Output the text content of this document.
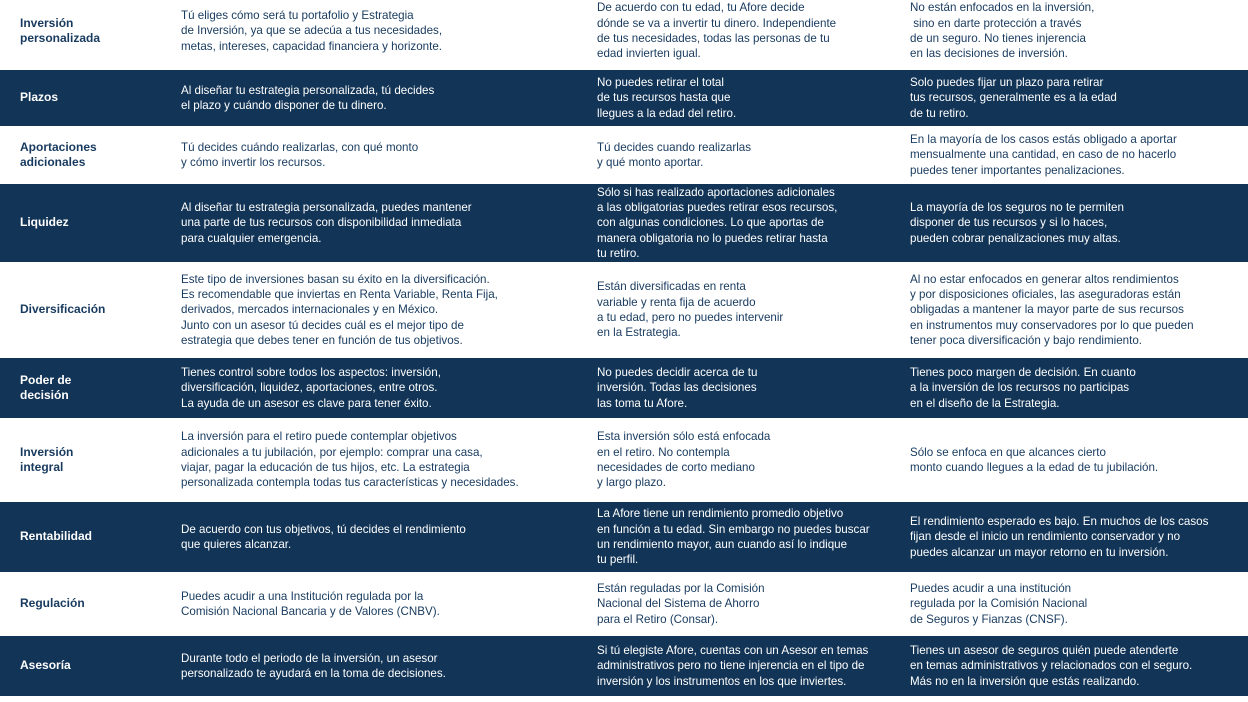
Inversión
personalizada
Tú eliges cómo será tu portafolio y Estrategia
de Inversión, ya que se adecúa a tus necesidades,
metas, intereses, capacidad financiera y horizonte.
De acuerdo con tu edad, tu Afore decide
dónde se va a invertir tu dinero. Independiente
de tus necesidades, todas las personas de tu
edad invierten igual.
No están enfocados en la inversión,
sino en darte protección a través
de un seguro. No tienes injerencia
en las decisiones de inversión.
Plazos
Al diseñar tu estrategia personalizada, tú decides
el plazo y cuándo disponer de tu dinero.
No puedes retirar el total
de tus recursos hasta que
llegues a la edad del retiro.
Solo puedes fijar un plazo para retirar
tus recursos, generalmente es a la edad
de tu retiro.
Aportaciones
adicionales
Tú decides cuándo realizarlas, con qué monto
y cómo invertir los recursos.
Tú decides cuando realizarlas
y qué monto aportar.
En la mayoría de los casos estás obligado a aportar
mensualmente una cantidad, en caso de no hacerlo
puedes tener importantes penalizaciones.
Liquidez
Al diseñar tu estrategia personalizada, puedes mantener
una parte de tus recursos con disponibilidad inmediata
para cualquier emergencia.
Sólo si has realizado aportaciones adicionales
a las obligatorias puedes retirar esos recursos,
con algunas condiciones. Lo que aportas de
manera obligatoria no lo puedes retirar hasta
tu retiro.
La mayoría de los seguros no te permiten
disponer de tus recursos y si lo haces,
pueden cobrar penalizaciones muy altas.
Diversificación
Este tipo de inversiones basan su éxito en la diversificación.
Es recomendable que inviertas en Renta Variable, Renta Fija,
derivados, mercados internacionales y en México.
Junto con un asesor tú decides cuál es el mejor tipo de
estrategia que debes tener en función de tus objetivos.
Están diversificadas en renta
variable y renta fija de acuerdo
a tu edad, pero no puedes intervenir
en la Estrategia.
Al no estar enfocados en generar altos rendimientos
y por disposiciones oficiales, las aseguradoras están
obligadas a mantener la mayor parte de sus recursos
en instrumentos muy conservadores por lo que pueden
tener poca diversificación y bajo rendimiento.
Poder de
decisión
Tienes control sobre todos los aspectos: inversión,
diversificación, liquidez, aportaciones, entre otros.
La ayuda de un asesor es clave para tener éxito.
No puedes decidir acerca de tu
inversión. Todas las decisiones
las toma tu Afore.
Tienes poco margen de decisión. En cuanto
a la inversión de los recursos no participas
en el diseño de la Estrategia.
Inversión
integral
La inversión para el retiro puede contemplar objetivos
adicionales a tu jubilación, por ejemplo: comprar una casa,
viajar, pagar la educación de tus hijos, etc. La estrategia
personalizada contempla todas tus características y necesidades.
Esta inversión sólo está enfocada
en el retiro. No contempla
necesidades de corto mediano
y largo plazo.
Sólo se enfoca en que alcances cierto
monto cuando llegues a la edad de tu jubilación.
Rentabilidad
De acuerdo con tus objetivos, tú decides el rendimiento
que quieres alcanzar.
La Afore tiene un rendimiento promedio objetivo
en función a tu edad. Sin embargo no puedes buscar
un rendimiento mayor, aun cuando así lo indique
tu perfil.
El rendimiento esperado es bajo. En muchos de los casos
fijan desde el inicio un rendimiento conservador y no
puedes alcanzar un mayor retorno en tu inversión.
Regulación
Puedes acudir a una Institución regulada por la
Comisión Nacional Bancaria y de Valores (CNBV).
Están reguladas por la Comisión
Nacional del Sistema de Ahorro
para el Retiro (Consar).
Puedes acudir a una institución
regulada por la Comisión Nacional
de Seguros y Fianzas (CNSF).
Asesoría
Durante todo el periodo de la inversión, un asesor
personalizado te ayudará en la toma de decisiones.
Si tú elegiste Afore, cuentas con un Asesor en temas
administrativos pero no tiene injerencia en el tipo de
inversión y los instrumentos en los que inviertes.
Tienes un asesor de seguros quién puede atenderte
en temas administrativos y relacionados con el seguro.
Más no en la inversión que estás realizando.
